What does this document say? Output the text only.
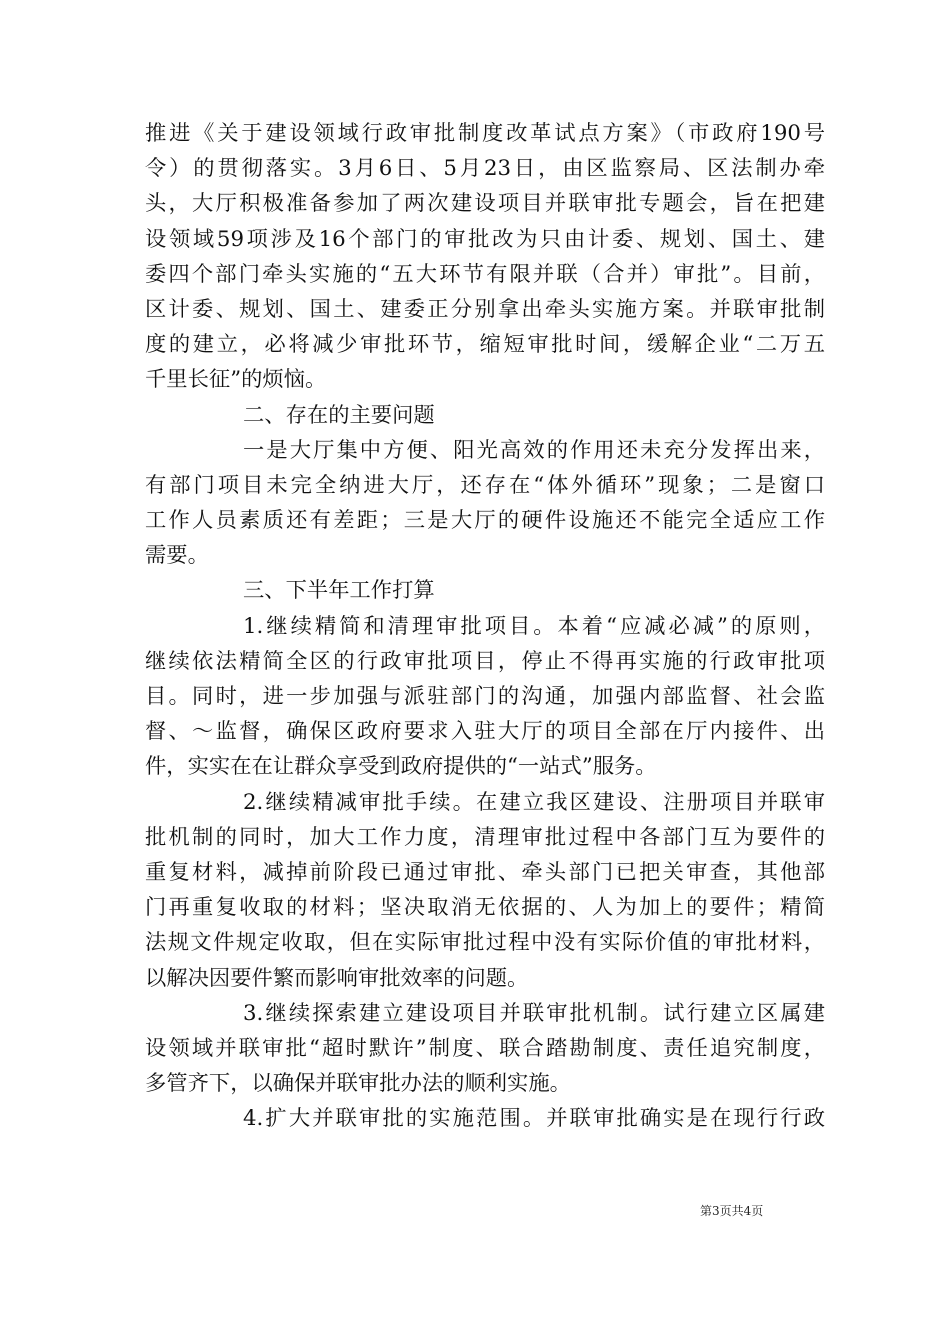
推进《关于建设领域行政审批制度改革试点方案》（市政府190号
令）的贯彻落实。3月6日、5月23日，由区监察局、区法制办牵
头，大厅积极准备参加了两次建设项目并联审批专题会，旨在把建
设领域59项涉及16个部门的审批改为只由计委、规划、国土、建
委四个部门牵头实施的“五大环节有限并联（合并）审批”。目前，
区计委、规划、国土、建委正分别拿出牵头实施方案。并联审批制
度的建立，必将减少审批环节，缩短审批时间，缓解企业“二万五
千里长征”的烦恼。
二、存在的主要问题
一是大厅集中方便、阳光高效的作用还未充分发挥出来，
有部门项目未完全纳进大厅，还存在“体外循环”现象；二是窗口
工作人员素质还有差距；三是大厅的硬件设施还不能完全适应工作
需要。
三、下半年工作打算
1.继续精简和清理审批项目。本着“应减必减”的原则，
继续依法精简全区的行政审批项目，停止不得再实施的行政审批项
目。同时，进一步加强与派驻部门的沟通，加强内部监督、社会监
督、～监督，确保区政府要求入驻大厅的项目全部在厅内接件、出
件，实实在在让群众享受到政府提供的“一站式”服务。
2.继续精减审批手续。在建立我区建设、注册项目并联审
批机制的同时，加大工作力度，清理审批过程中各部门互为要件的
重复材料，减掉前阶段已通过审批、牵头部门已把关审查，其他部
门再重复收取的材料；坚决取消无依据的、人为加上的要件；精简
法规文件规定收取，但在实际审批过程中没有实际价值的审批材料，
以解决因要件繁而影响审批效率的问题。
3.继续探索建立建设项目并联审批机制。试行建立区属建
设领域并联审批“超时默许”制度、联合踏勘制度、责任追究制度，
多管齐下，以确保并联审批办法的顺利实施。
4.扩大并联审批的实施范围。并联审批确实是在现行行政
第3页共4页
